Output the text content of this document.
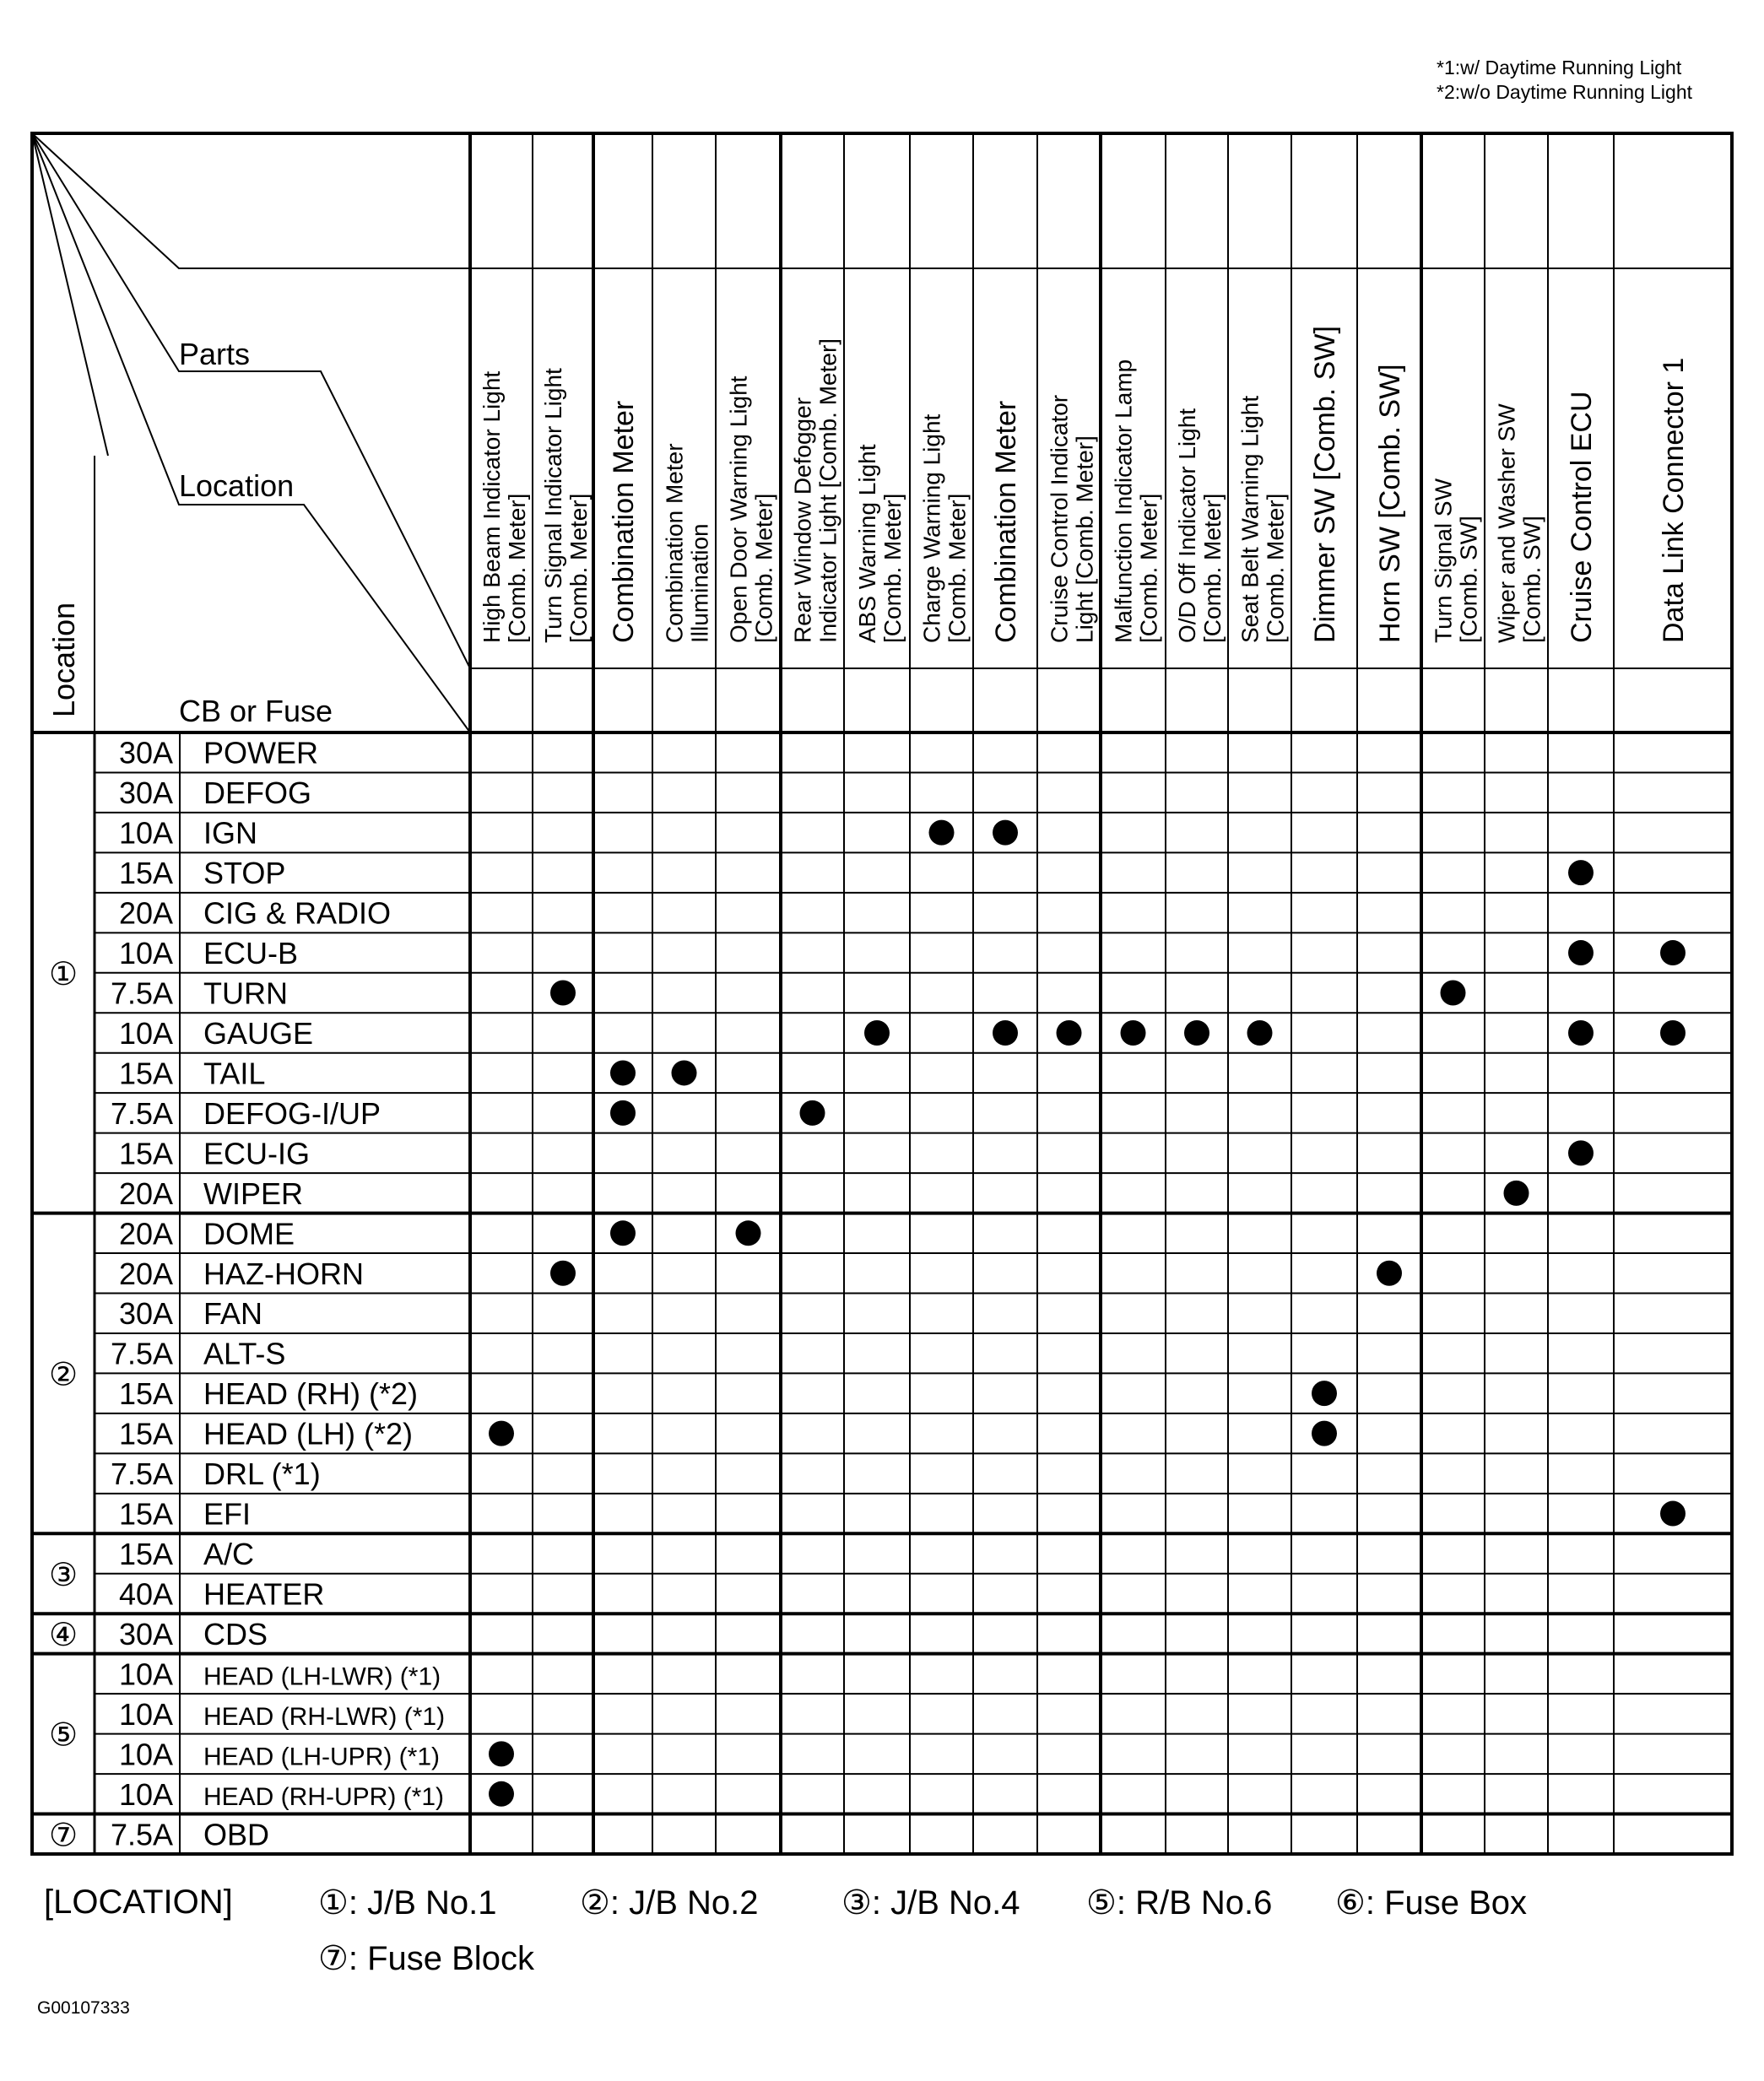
*1:w/ Daytime Running Light
*2:w/o Daytime Running Light
Parts
Location
Location	CB or Fuse
High Beam Indicator Light [Comb. Meter] Turn Signal Indicator Light [Comb. Meter] Combination Meter Combination Meter Illumination Open Door Warning Light [Comb. Meter] Rear Window Defogger Indicator Light [Comb. Meter] ABS Warning Light [Comb. Meter] Charge Warning Light [Comb. Meter] Combination Meter Cruise Control Indicator Light [Comb. Meter] Malfunction Indicator Lamp [Comb. Meter] O/D Off Indicator Light [Comb. Meter] Seat Belt Warning Light [Comb. Meter] Dimmer SW [Comb. SW] Horn SW [Comb. SW] Turn Signal SW [Comb. SW] Wiper and Washer SW [Comb. SW] Cruise Control ECU Data Link Connector 1
30A POWER
30A DEFOG
10A IGN
15A STOP
20A CIG & RADIO
10A ECU-B
7.5A TURN
10A GAUGE
15A TAIL
7.5A DEFOG-I/UP
15A ECU-IG
20A WIPER
20A DOME
20A HAZ-HORN
30A FAN
7.5A ALT-S
15A HEAD (RH) (*2)
15A HEAD (LH) (*2)
7.5A DRL (*1)
15A EFI
15A A/C
40A HEATER
30A CDS
10A HEAD (LH-LWR) (*1)
10A HEAD (RH-LWR) (*1)
10A HEAD (LH-UPR) (*1)
10A HEAD (RH-UPR) (*1)
7.5A OBD
①
②
③
④
⑤
⑦
[LOCATION]	①: J/B No.1 ②: J/B No.2 ③: J/B No.4 ⑤: R/B No.6 ⑥: Fuse Box
⑦: Fuse Block
G00107333
